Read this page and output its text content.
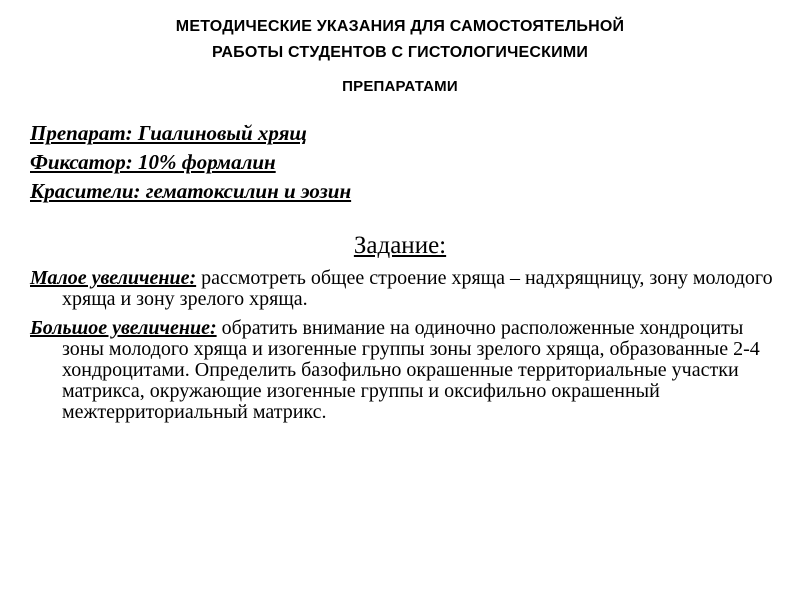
МЕТОДИЧЕСКИЕ УКАЗАНИЯ ДЛЯ САМОСТОЯТЕЛЬНОЙ
РАБОТЫ СТУДЕНТОВ С ГИСТОЛОГИЧЕСКИМИ
ПРЕПАРАТАМИ
Препарат: Гиалиновый хрящ
Фиксатор: 10% формалин
Красители: гематоксилин и эозин
Задание:

Малое увеличение: рассмотреть общее строение хряща – надхрящницу, зону молодого хряща и зону зрелого хряща.

Большое увеличение: обратить внимание на одиночно расположенные хондроциты зоны молодого хряща и изогенные группы зоны зрелого хряща, образованные 2-4 хондроцитами. Определить базофильно окрашенные территориальные участки матрикса, окружающие изогенные группы и оксифильно окрашенный межтерриториальный матрикс.
